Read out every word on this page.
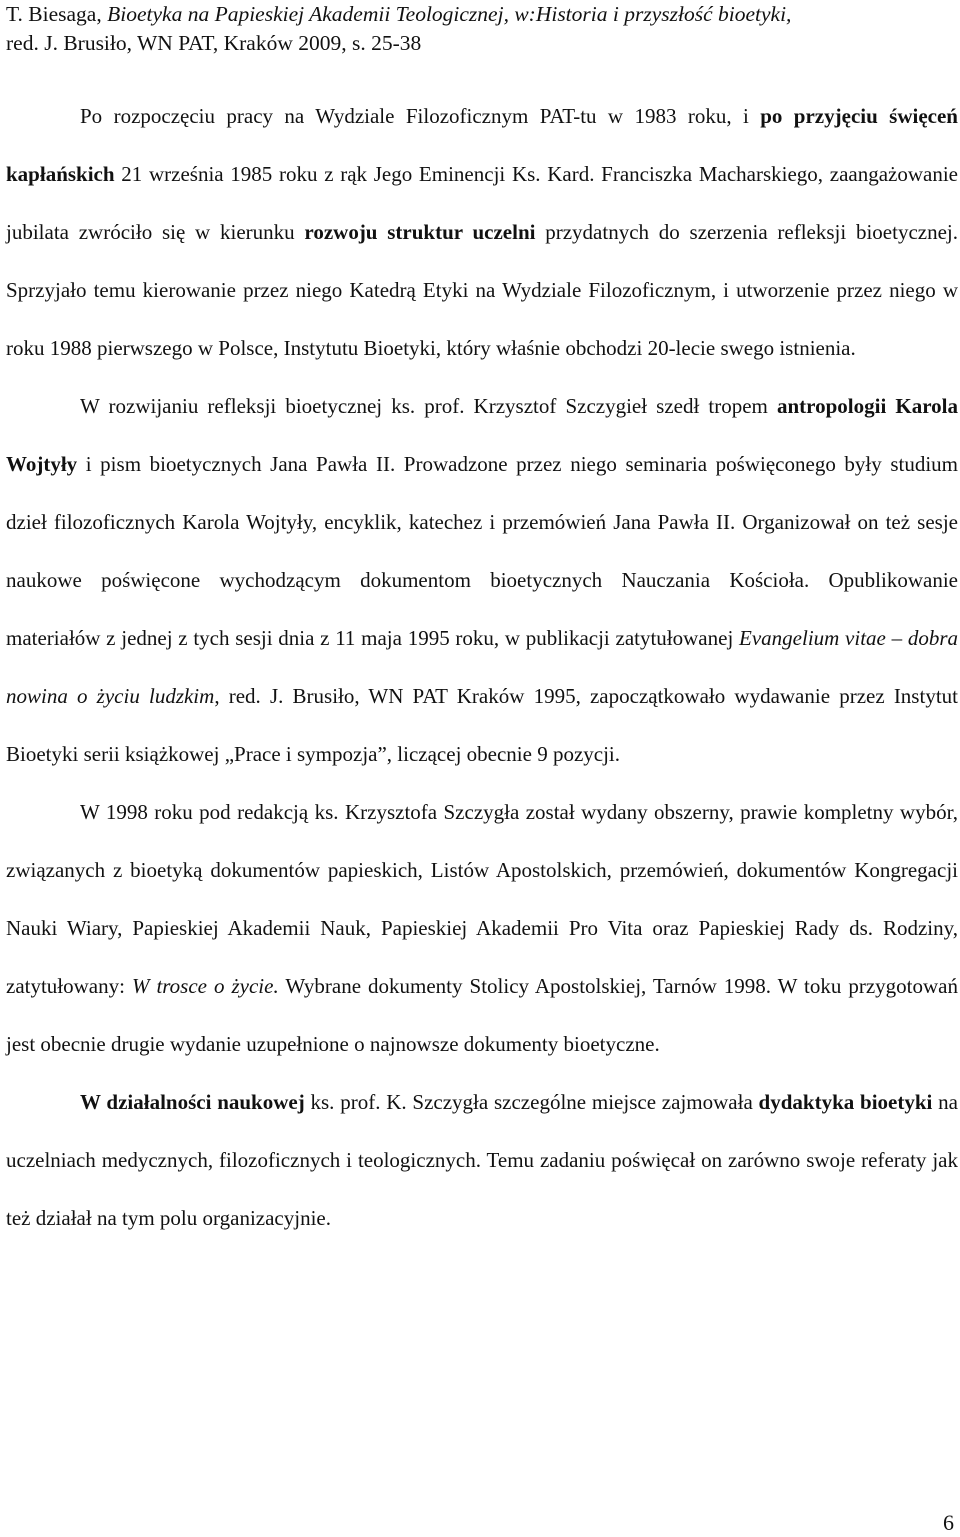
T. Biesaga, Bioetyka na Papieskiej Akademii Teologicznej, w:Historia i przyszłość bioetyki,
red. J. Brusiło, WN PAT, Kraków 2009, s. 25-38

Po rozpoczęciu pracy na Wydziale Filozoficznym PAT-tu w 1983 roku, i po przyjęciu święceń kapłańskich 21 września 1985 roku z rąk Jego Eminencji Ks. Kard. Franciszka Macharskiego, zaangażowanie jubilata zwróciło się w kierunku rozwoju struktur uczelni przydatnych do szerzenia refleksji bioetycznej. Sprzyjało temu kierowanie przez niego Katedrą Etyki na Wydziale Filozoficznym, i utworzenie przez niego w roku 1988 pierwszego w Polsce, Instytutu Bioetyki, który właśnie obchodzi 20-lecie swego istnienia.

W rozwijaniu refleksji bioetycznej ks. prof. Krzysztof Szczygieł szedł tropem antropologii Karola Wojtyły i pism bioetycznych Jana Pawła II. Prowadzone przez niego seminaria poświęconego były studium dzieł filozoficznych Karola Wojtyły, encyklik, katechez i przemówień Jana Pawła II. Organizował on też sesje naukowe poświęcone wychodzącym dokumentom bioetycznych Nauczania Kościoła. Opublikowanie materiałów z jednej z tych sesji dnia z 11 maja 1995 roku, w publikacji zatytułowanej Evangelium vitae – dobra nowina o życiu ludzkim, red. J. Brusiło, WN PAT Kraków 1995, zapoczątkowało wydawanie przez Instytut Bioetyki serii książkowej „Prace i sympozja”, liczącej obecnie 9 pozycji.

W 1998 roku pod redakcją ks. Krzysztofa Szczygła został wydany obszerny, prawie kompletny wybór, związanych z bioetyką dokumentów papieskich, Listów Apostolskich, przemówień, dokumentów Kongregacji Nauki Wiary, Papieskiej Akademii Nauk, Papieskiej Akademii Pro Vita oraz Papieskiej Rady ds. Rodziny, zatytułowany: W trosce o życie. Wybrane dokumenty Stolicy Apostolskiej, Tarnów 1998. W toku przygotowań jest obecnie drugie wydanie uzupełnione o najnowsze dokumenty bioetyczne.

W działalności naukowej ks. prof. K. Szczygła szczególne miejsce zajmowała dydaktyka bioetyki na uczelniach medycznych, filozoficznych i teologicznych. Temu zadaniu poświęcał on zarówno swoje referaty jak też działał na tym polu organizacyjnie.

6
